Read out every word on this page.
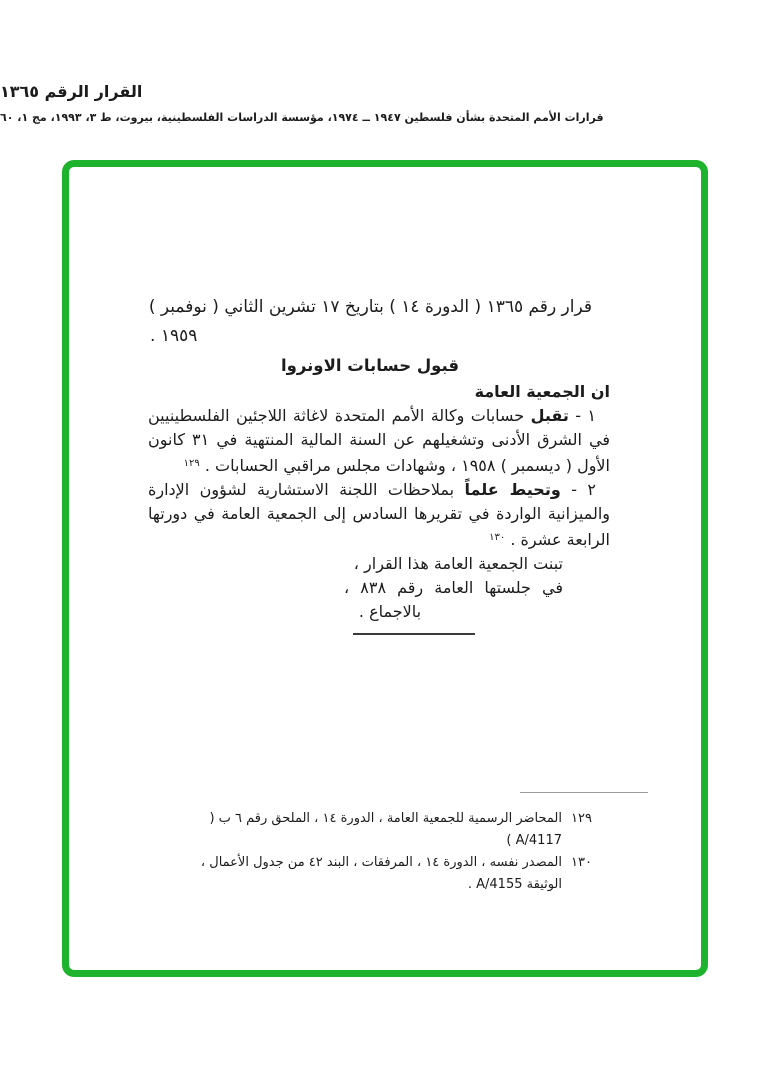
القرار الرقم ١٣٦٥
قرارات الأمم المتحدة بشأن فلسطين ١٩٤٧ ــ ١٩٧٤، مؤسسة الدراسات الفلسطينية، بيروت، ط ٣، ١٩٩٣، مج ١، ٦٠
قرار رقم ١٣٦٥ ( الدورة ١٤ ) بتاريخ ١٧ تشرين الثاني ( نوفمبر )
١٩٥٩ .
قبول حسابات الاونروا

ان الجمعية العامة

١ - تقبل حسابات وكالة الأمم المتحدة لاغاثة اللاجئين الفلسطينيين في الشرق الأدنى وتشغيلهم عن السنة المالية المنتهية في ٣١ كانون الأول ( ديسمبر ) ١٩٥٨ ، وشهادات مجلس مراقبي الحسابات . $^{١٢٩}$

٢ - وتحيط علماً بملاحظات اللجنة الاستشارية لشؤون الإدارة والميزانية الواردة في تقريرها السادس إلى الجمعية العامة في دورتها الرابعة عشرة . $^{١٣٠}$

تبنت الجمعية العامة هذا القرار ،
في جلستها العامة رقم ٨٣٨ ،
بالاجماع .
١٢٩
المحاضر الرسمية للجمعية العامة ، الدورة ١٤ ، الملحق رقم ٦ ب ( A/4117 )
١٣٠
المصدر نفسه ، الدورة ١٤ ، المرفقات ، البند ٤٢ من جدول الأعمال ، الوثيقة A/4155 .
